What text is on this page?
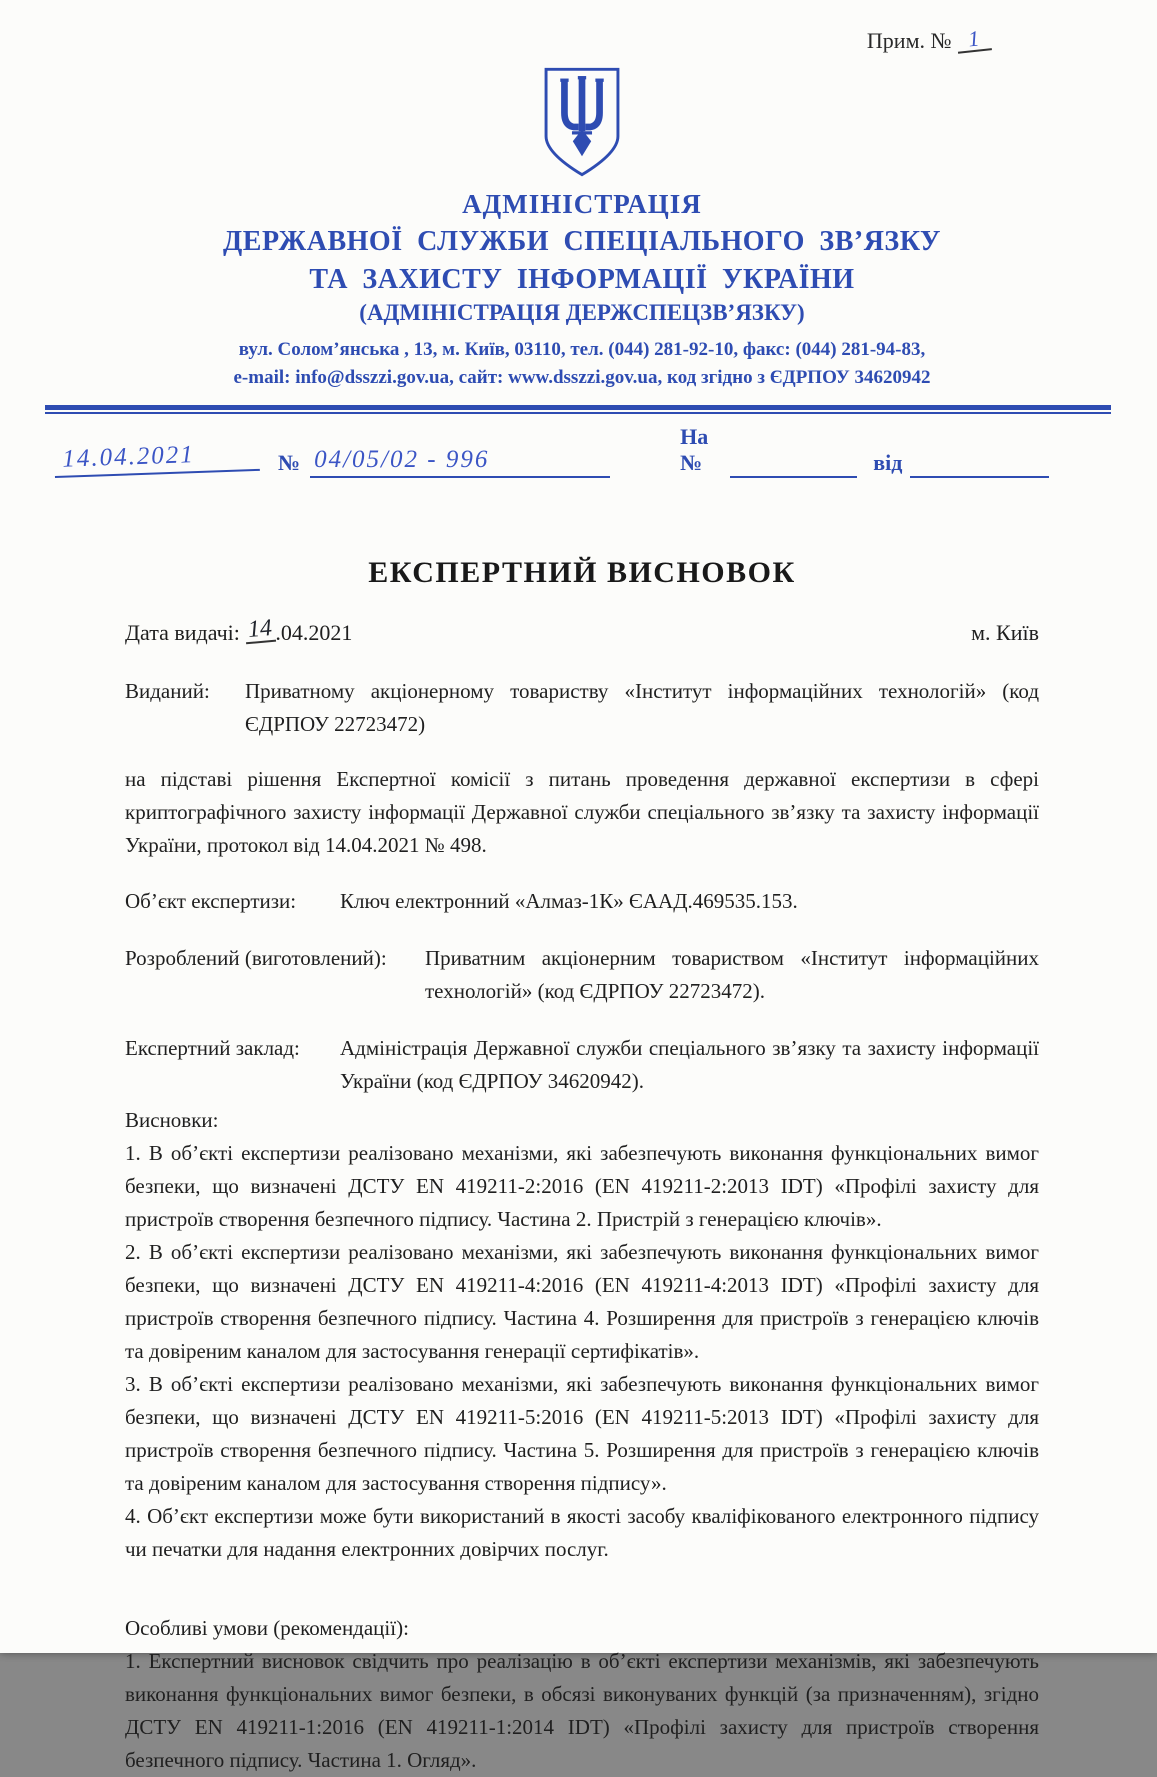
Прим. № 1
АДМІНІСТРАЦІЯ
ДЕРЖАВНОЇ СЛУЖБИ СПЕЦІАЛЬНОГО ЗВ’ЯЗКУ
ТА ЗАХИСТУ ІНФОРМАЦІЇ УКРАЇНИ
(АДМІНІСТРАЦІЯ ДЕРЖСПЕЦЗВ’ЯЗКУ)
вул. Солом’янська , 13, м. Київ, 03110, тел. (044) 281-92-10, факс: (044) 281-94-83,
e-mail: info@dsszzi.gov.ua, сайт: www.dsszzi.gov.ua, код згідно з ЄДРПОУ 34620942
14.04.2021	№ 04/05/02 - 996
На №	від
ЕКСПЕРТНИЙ ВИСНОВОК
Дата видачі: 14.04.2021	м. Київ
Виданий:	Приватному акціонерному товариству «Інститут інформаційних технологій» (код ЄДРПОУ 22723472)

на підставі рішення Експертної комісії з питань проведення державної експертизи в сфері криптографічного захисту інформації Державної служби спеціального зв’язку та захисту інформації України, протокол від 14.04.2021 № 498.

Об’єкт експертизи:	Ключ електронний «Алмаз-1К» ЄААД.469535.153.
Розроблений (виготовлений):	Приватним акціонерним товариством «Інститут інформаційних технологій» (код ЄДРПОУ 22723472).
Експертний заклад:	Адміністрація Державної служби спеціального зв’язку та захисту інформації України (код ЄДРПОУ 34620942).
Висновки:

1. В об’єкті експертизи реалізовано механізми, які забезпечують виконання функціональних вимог безпеки, що визначені ДСТУ EN 419211-2:2016 (EN 419211-2:2013 IDT) «Профілі захисту для пристроїв створення безпечного підпису. Частина 2. Пристрій з генерацією ключів».

2. В об’єкті експертизи реалізовано механізми, які забезпечують виконання функціональних вимог безпеки, що визначені ДСТУ EN 419211-4:2016 (EN 419211-4:2013 IDT) «Профілі захисту для пристроїв створення безпечного підпису. Частина 4. Розширення для пристроїв з генерацією ключів та довіреним каналом для застосування генерації сертифікатів».

3. В об’єкті експертизи реалізовано механізми, які забезпечують виконання функціональних вимог безпеки, що визначені ДСТУ EN 419211-5:2016 (EN 419211-5:2013 IDT) «Профілі захисту для пристроїв створення безпечного підпису. Частина 5. Розширення для пристроїв з генерацією ключів та довіреним каналом для застосування створення підпису».

4. Об’єкт експертизи може бути використаний в якості засобу кваліфікованого електронного підпису чи печатки для надання електронних довірчих послуг.

Особливі умови (рекомендації):

1. Експертний висновок свідчить про реалізацію в об’єкті експертизи механізмів, які забезпечують виконання функціональних вимог безпеки, в обсязі виконуваних функцій (за призначенням), згідно ДСТУ EN 419211-1:2016 (EN 419211-1:2014 IDT) «Профілі захисту для пристроїв створення безпечного підпису. Частина 1. Огляд».
